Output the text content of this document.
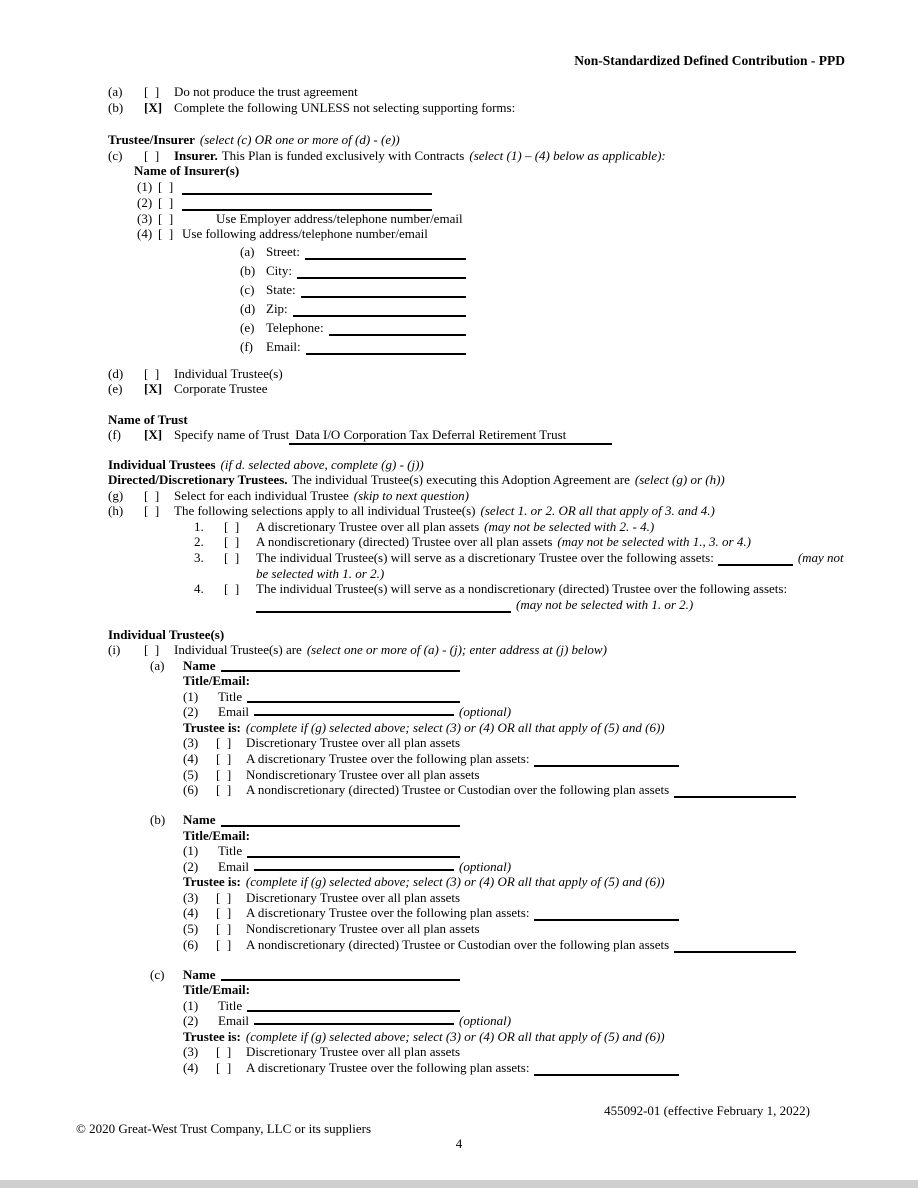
Non-Standardized Defined Contribution - PPD
(a)	[  ]	Do not produce the trust agreement
(b)	[X] Complete the following UNLESS not selecting supporting forms:
Trustee/Insurer (select (c) OR one or more of (d) - (e))
(c)	[  ]	Insurer. This Plan is funded exclusively with Contracts (select (1) – (4) below as applicable):
Name of Insurer(s)
(1) [  ]
(2) [  ]
(3) [  ]	Use Employer address/telephone number/email
(4) [  ] Use following address/telephone number/email
(a) Street:
(b) City:
(c) State:
(d) Zip:
(e) Telephone:
(f)	Email:
(d)	[  ]	Individual Trustee(s)
(e)	[X] Corporate Trustee
Name of Trust
(f)	[X] Specify name of Trust Data I/O Corporation Tax Deferral Retirement Trust
Individual Trustees (if d. selected above, complete (g) - (j))
Directed/Discretionary Trustees. The individual Trustee(s) executing this Adoption Agreement are (select (g) or (h))
(g)	[  ]	Select for each individual Trustee (skip to next question)
(h)	[  ]	The following selections apply to all individual Trustee(s) (select 1. or 2. OR all that apply of 3. and 4.)
1.	[  ]	A discretionary Trustee over all plan assets (may not be selected with 2. - 4.)
2.	[  ]	A nondiscretionary (directed) Trustee over all plan assets (may not be selected with 1., 3. or 4.)
3.	[  ]	The individual Trustee(s) will serve as a discretionary Trustee over the following assets:	(may not
be selected with 1. or 2.)
4.	[  ]	The individual Trustee(s) will serve as a nondiscretionary (directed) Trustee over the following assets:
(may not be selected with 1. or 2.)
Individual Trustee(s)
(i)	[  ]	Individual Trustee(s) are (select one or more of (a) - (j); enter address at (j) below)
(a)	Name
Title/Email:
(1)	Title
(2)	Email	(optional)
Trustee is: (complete if (g) selected above; select (3) or (4) OR all that apply of (5) and (6))
(3)	[  ]	Discretionary Trustee over all plan assets
(4)	[  ]	A discretionary Trustee over the following plan assets:
(5)	[  ]	Nondiscretionary Trustee over all plan assets
(6)	[  ]	A nondiscretionary (directed) Trustee or Custodian over the following plan assets
(b)	Name
Title/Email:
(1)	Title
(2)	Email	(optional)
Trustee is: (complete if (g) selected above; select (3) or (4) OR all that apply of (5) and (6))
(3)	[  ]	Discretionary Trustee over all plan assets
(4)	[  ]	A discretionary Trustee over the following plan assets:
(5)	[  ]	Nondiscretionary Trustee over all plan assets
(6)	[  ]	A nondiscretionary (directed) Trustee or Custodian over the following plan assets
(c)	Name
Title/Email:
(1)	Title
(2)	Email	(optional)
Trustee is: (complete if (g) selected above; select (3) or (4) OR all that apply of (5) and (6))
(3)	[  ]	Discretionary Trustee over all plan assets
(4)	[  ]	A discretionary Trustee over the following plan assets:
455092-01 (effective February 1, 2022)
© 2020 Great-West Trust Company, LLC or its suppliers
4
